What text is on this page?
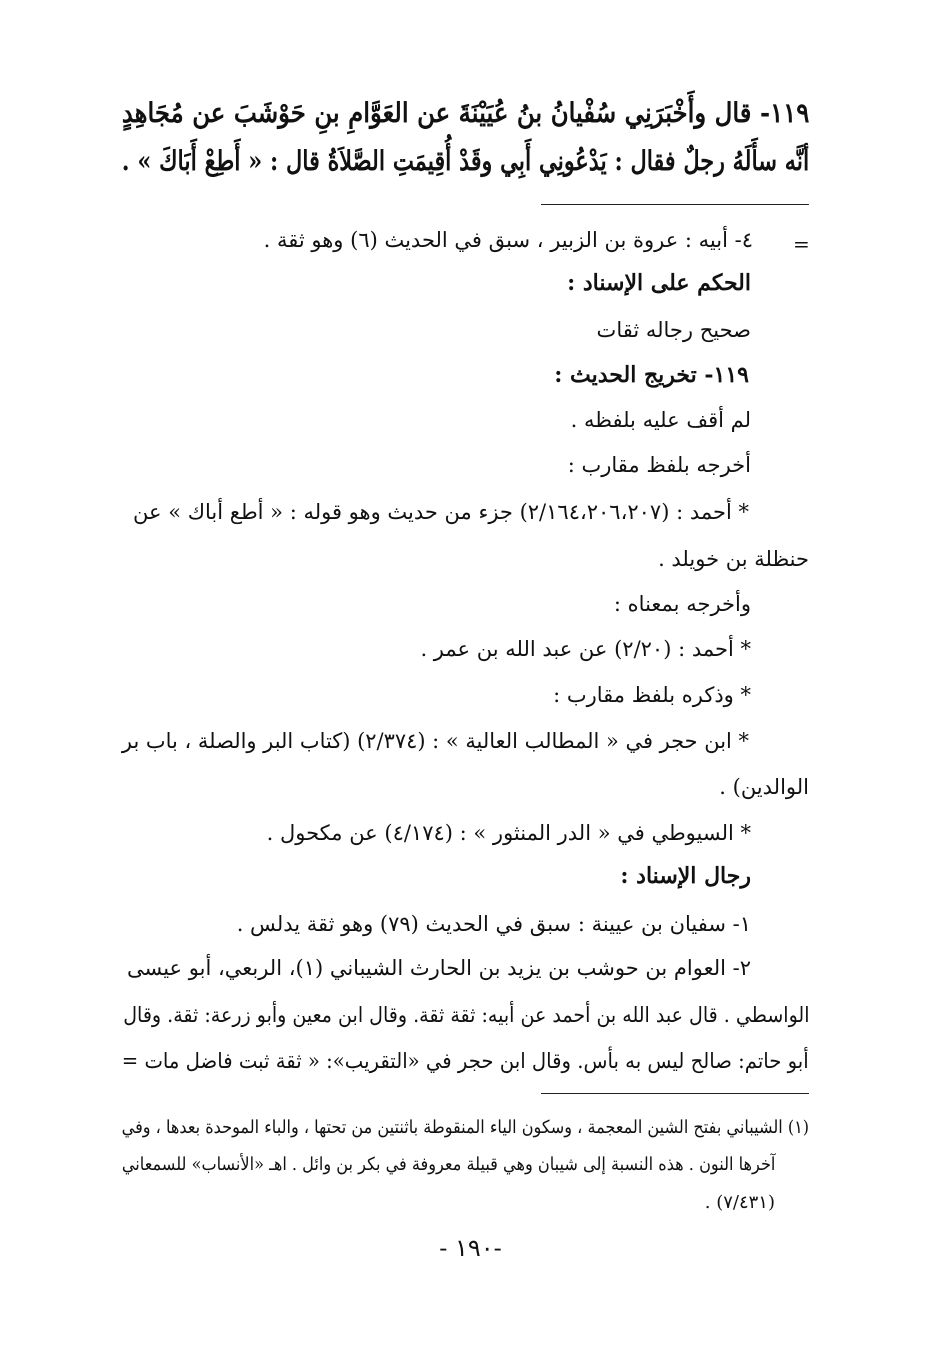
١١٩- قال وأَخْبَرَنِي سُفْيانُ بنُ عُيَيْنَةَ عن العَوَّامِ بنِ حَوْشَبَ عن مُجَاهِدٍ
أنَّه سأَلَهُ رجلٌ فقال : يَدْعُونِي أَبِي وقَدْ أُقِيمَتِ الصَّلاَةُ قال : « أَطِعْ أَبَاكَ » .
=
٤- أبيه : عروة بن الزبير ، سبق في الحديث (٦) وهو ثقة .
الحكم على الإسناد :
صحيح رجاله ثقات
١١٩- تخريج الحديث :
لم أقف عليه بلفظه .
أخرجه بلفظ مقارب :
* أحمد : (٢/١٦٤،٢٠٦،٢٠٧) جزء من حديث وهو قوله : « أطع أباك » عن
حنظلة بن خويلد .
وأخرجه بمعناه :
* أحمد : (٢/٢٠) عن عبد الله بن عمر .
* وذكره بلفظ مقارب :
* ابن حجر في « المطالب العالية » : (٢/٣٧٤) (كتاب البر والصلة ، باب بر
الوالدين) .
* السيوطي في « الدر المنثور » : (٤/١٧٤) عن مكحول .
رجال الإسناد :
١- سفيان بن عيينة : سبق في الحديث (٧٩) وهو ثقة يدلس .
٢- العوام بن حوشب بن يزيد بن الحارث الشيباني (١)، الربعي، أبو عيسى
الواسطي . قال عبد الله بن أحمد عن أبيه: ثقة ثقة. وقال ابن معين وأبو زرعة: ثقة. وقال
أبو حاتم: صالح ليس به بأس. وقال ابن حجر في «التقريب»: « ثقة ثبت فاضل مات =
(١) الشيباني بفتح الشين المعجمة ، وسكون الياء المنقوطة باثنتين من تحتها ، والباء الموحدة بعدها ، وفي
آخرها النون . هذه النسبة إلى شيبان وهي قبيلة معروفة في بكر بن وائل . اهـ «الأنساب» للسمعاني
(٧/٤٣١) .
-١٩٠ -
